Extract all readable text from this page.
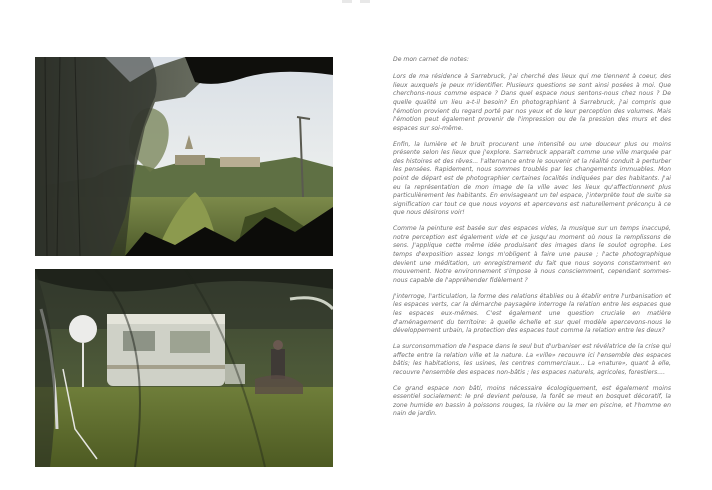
De mon carnet de notes:

Lors de ma résidence à Sarrebruck, j'ai cherché des lieux qui me tiennent à coeur, des lieux auxquels je peux m'identifier. Plusieurs questions se sont ainsi posées à moi. Que cherchons-nous comme espace ? Dans quel espace nous sentons-nous chez nous ? De quelle qualité un lieu a-t-il besoin? En photographiant à Sarrebruck, j'ai compris que l'émotion provient du regard porté par nos yeux et de leur perception des volumes. Mais l'émotion peut également provenir de l'impression ou de la pression des murs et des espaces sur soi-même.

Enfin, la lumière et le bruit procurent une intensité ou une douceur plus ou moins présente selon les lieux que j'explore. Sarrebruck apparaît comme une ville marquée par des histoires et des rêves... l'alternance entre le souvenir et la réalité conduit à perturber les pensées. Rapidement, nous sommes troublés par les changements immuables. Mon point de départ est de photographier certaines localités indiquées par des habitants. J'ai eu la représentation de mon image de la ville avec les lieux qu'affectionnent plus particulièrement les habitants. En envisageant un tel espace, j'interprète tout de suite sa signification car tout ce que nous voyons et apercevons est naturellement préconçu à ce que nous désirons voir!

Comme la peinture est basée sur des espaces vides, la musique sur un temps inaccupé, notre perception est également vide et ce jusqu'au moment où nous la remplissons de sens. J'applique cette même idée produisant des images dans le soulot ogrophe. Les temps d'exposition assez longs m'obligent à faire une pause ; l'acte photographique devient une méditation, un enregistrement du fait que nous soyons constamment en mouvement. Notre environnement s'impose à nous consciemment, cependant sommes-nous capable de l'appréhender fidèlement ?

J'interroge, l'articulation, la forme des relations établies ou à établir entre l'urbanisation et les espaces verts, car la démarche paysagère interroge la relation entre les espaces que les espaces eux-mêmes. C'est également une question cruciale en matière d'aménagement du territoire: à quelle échelle et sur quel modèle apercevons-nous le développement urbain, la protection des espaces tout comme la relation entre les deux?

La surconsommation de l'espace dans le seul but d'urbaniser est révélatrice de la crise qui affecte entre la relation ville et la nature. La «ville» recouvre ici l'ensemble des espaces bâtis; les habitations, les usines, les centres commerciaux... La «nature», quant à elle, recouvre l'ensemble des espaces non-bâtis ; les espaces naturels, agricoles, forestiers....

Ce grand espace non bâti, moins nécessaire écologiquement, est également moins essentiel socialement: le pré devient pelouse, la forêt se meut en bosquet décoratif, la zone humide en bassin à poissons rouges, la rivière ou la mer en piscine, et l'homme en nain de jardin.
